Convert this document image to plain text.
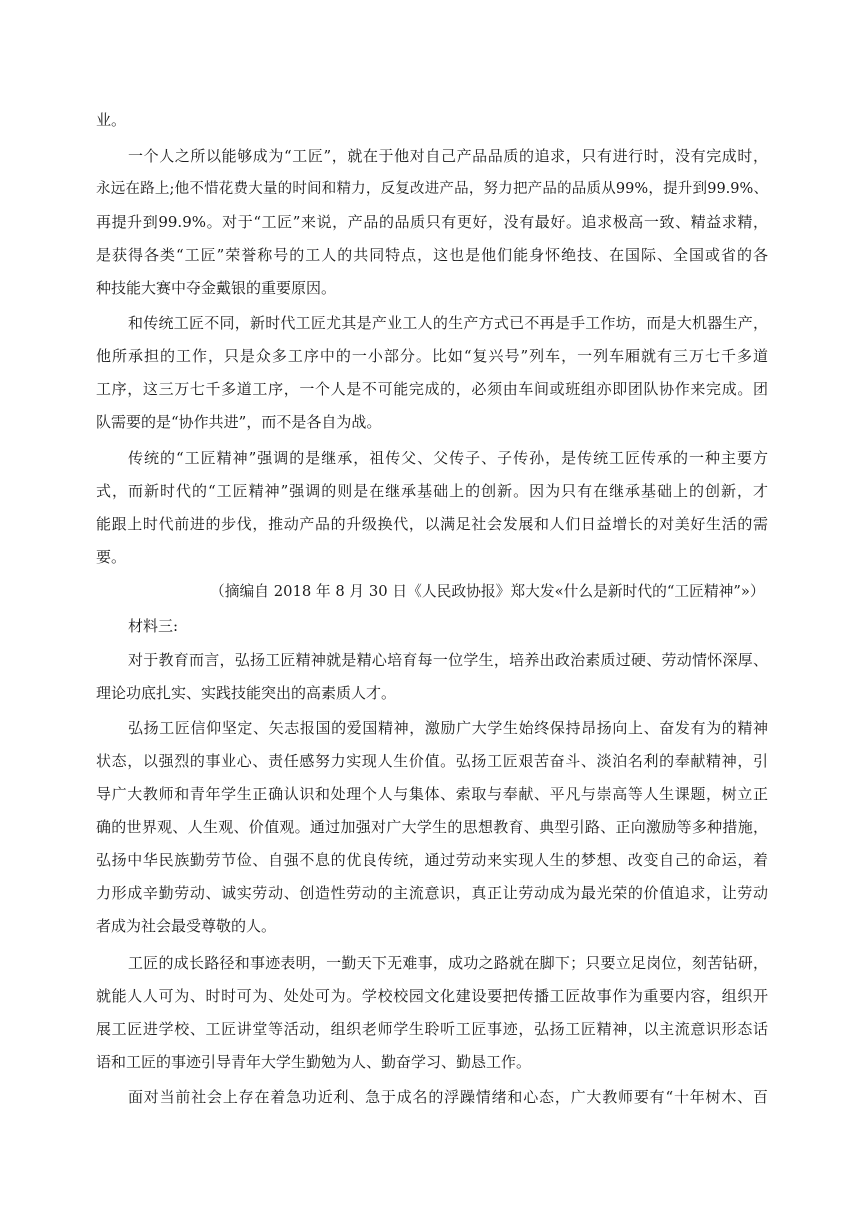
业。
一个人之所以能够成为“工匠”，就在于他对自己产品品质的追求，只有进行时，没有完成时，
永远在路上;他不惜花费大量的时间和精力，反复改进产品，努力把产品的品质从99%，提升到99.9%、
再提升到99.9%。对于“工匠”来说，产品的品质只有更好，没有最好。追求极高一致、精益求精，
是获得各类“工匠”荣誉称号的工人的共同特点，这也是他们能身怀绝技、在国际、全国或省的各
种技能大赛中夺金戴银的重要原因。
和传统工匠不同，新时代工匠尤其是产业工人的生产方式已不再是手工作坊，而是大机器生产，
他所承担的工作，只是众多工序中的一小部分。比如“复兴号”列车，一列车厢就有三万七千多道
工序，这三万七千多道工序，一个人是不可能完成的，必须由车间或班组亦即团队协作来完成。团
队需要的是“协作共进”，而不是各自为战。
传统的“工匠精神”强调的是继承，祖传父、父传子、子传孙，是传统工匠传承的一种主要方
式，而新时代的“工匠精神”强调的则是在继承基础上的创新。因为只有在继承基础上的创新，才
能跟上时代前进的步伐，推动产品的升级换代，以满足社会发展和人们日益增长的对美好生活的需
要。
（摘编自 2018 年 8 月 30 日《人民政协报》郑大发«什么是新时代的“工匠精神”»）
材料三:
对于教育而言，弘扬工匠精神就是精心培育每一位学生，培养出政治素质过硬、劳动情怀深厚、
理论功底扎实、实践技能突出的高素质人才。
弘扬工匠信仰坚定、矢志报国的爱国精神，激励广大学生始终保持昂扬向上、奋发有为的精神
状态，以强烈的事业心、责任感努力实现人生价值。弘扬工匠艰苦奋斗、淡泊名利的奉献精神，引
导广大教师和青年学生正确认识和处理个人与集体、索取与奉献、平凡与崇高等人生课题，树立正
确的世界观、人生观、价值观。通过加强对广大学生的思想教育、典型引路、正向激励等多种措施，
弘扬中华民族勤劳节俭、自强不息的优良传统，通过劳动来实现人生的梦想、改变自己的命运，着
力形成辛勤劳动、诚实劳动、创造性劳动的主流意识，真正让劳动成为最光荣的价值追求，让劳动
者成为社会最受尊敬的人。
工匠的成长路径和事迹表明，一勤天下无难事，成功之路就在脚下；只要立足岗位，刻苦钻研，
就能人人可为、时时可为、处处可为。学校校园文化建设要把传播工匠故事作为重要内容，组织开
展工匠进学校、工匠讲堂等活动，组织老师学生聆听工匠事迹，弘扬工匠精神，以主流意识形态话
语和工匠的事迹引导青年大学生勤勉为人、勤奋学习、勤恳工作。
面对当前社会上存在着急功近利、急于成名的浮躁情绪和心态，广大教师要有“十年树木、百
